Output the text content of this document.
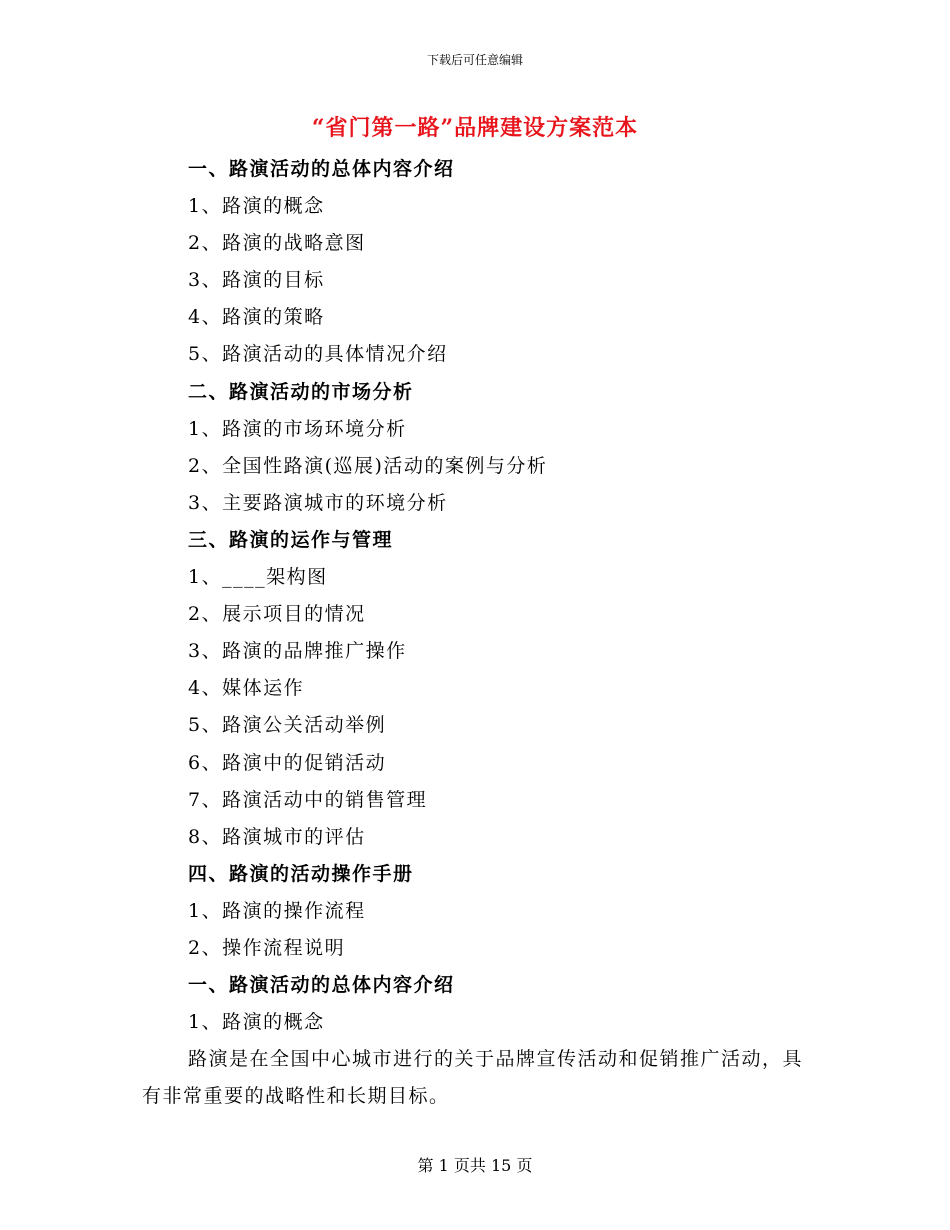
下载后可任意编辑
“省门第一路”品牌建设方案范本
一、路演活动的总体内容介绍
1、路演的概念
2、路演的战略意图
3、路演的目标
4、路演的策略
5、路演活动的具体情况介绍
二、路演活动的市场分析
1、路演的市场环境分析
2、全国性路演(巡展)活动的案例与分析
3、主要路演城市的环境分析
三、路演的运作与管理
1、____架构图
2、展示项目的情况
3、路演的品牌推广操作
4、媒体运作
5、路演公关活动举例
6、路演中的促销活动
7、路演活动中的销售管理
8、路演城市的评估
四、路演的活动操作手册
1、路演的操作流程
2、操作流程说明
一、路演活动的总体内容介绍
1、路演的概念

路演是在全国中心城市进行的关于品牌宣传活动和促销推广活动，具有非常重要的战略性和长期目标。

第 1 页共 15 页
